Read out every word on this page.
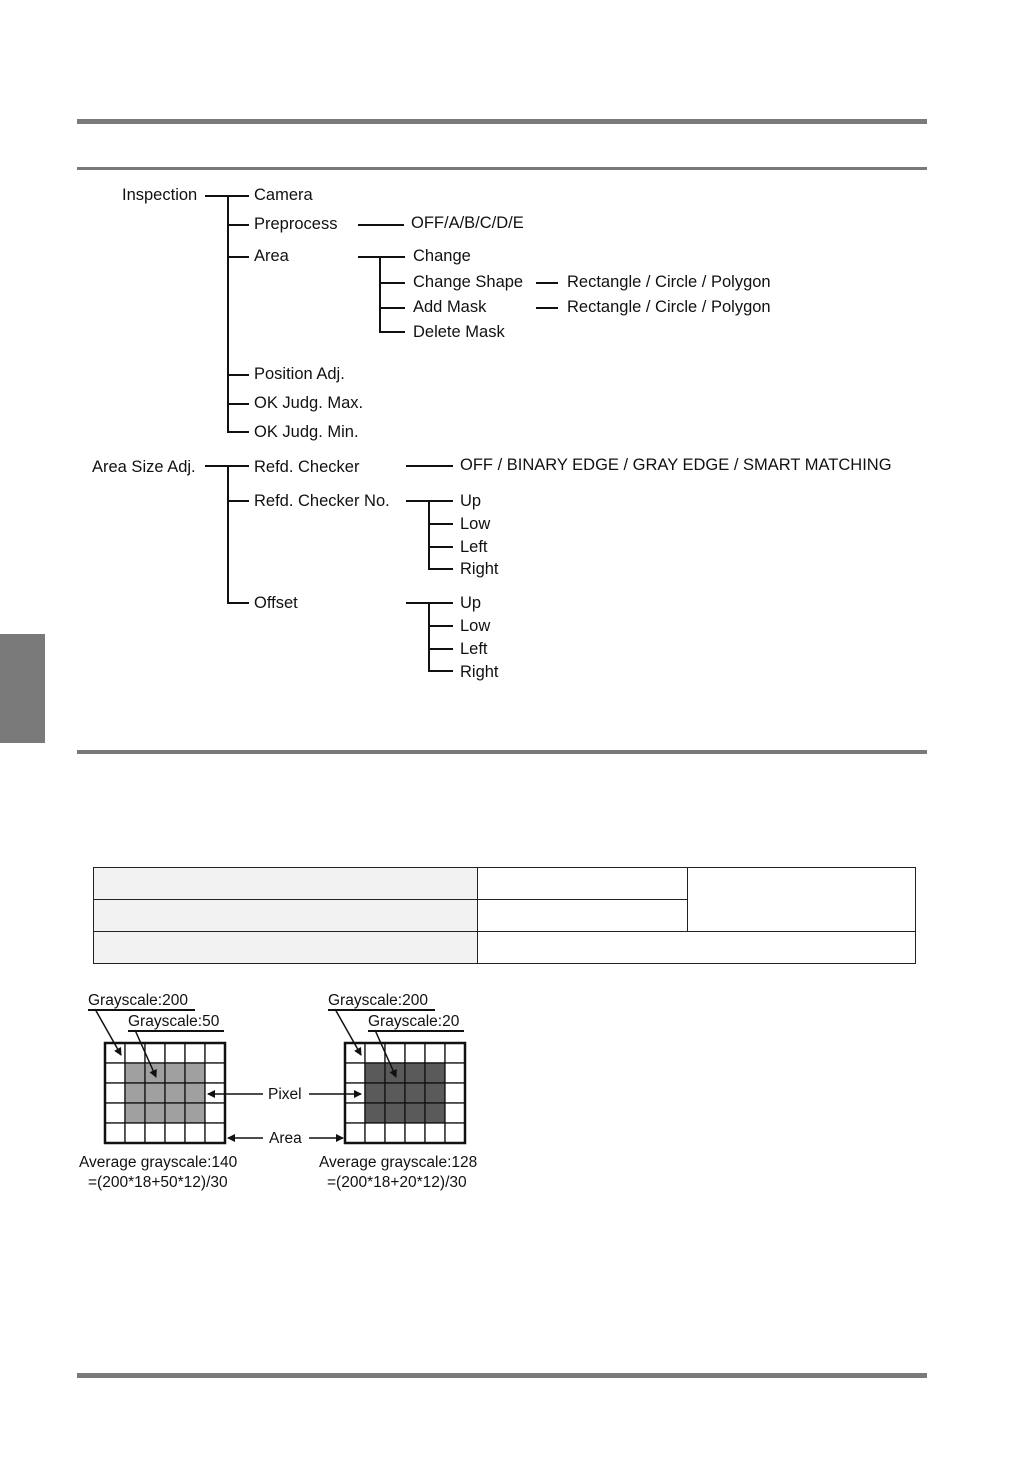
Inspection	Camera
Preprocess	OFF/A/B/C/D/E
Area	Change
Change Shape	Rectangle / Circle / Polygon
Add Mask	Rectangle / Circle / Polygon
Delete Mask
Position Adj.
OK Judg. Max.
OK Judg. Min.
Area Size Adj.	Refd. Checker	OFF / BINARY EDGE / GRAY EDGE / SMART MATCHING
Refd. Checker No.	Up
Low
Left
Right
Offset	Up
Low
Left
Right

Grayscale:200
Grayscale:50
Grayscale:200
Grayscale:20
Pixel
Area
Average grayscale:140
=(200*18+50*12)/30
Average grayscale:128
=(200*18+20*12)/30
